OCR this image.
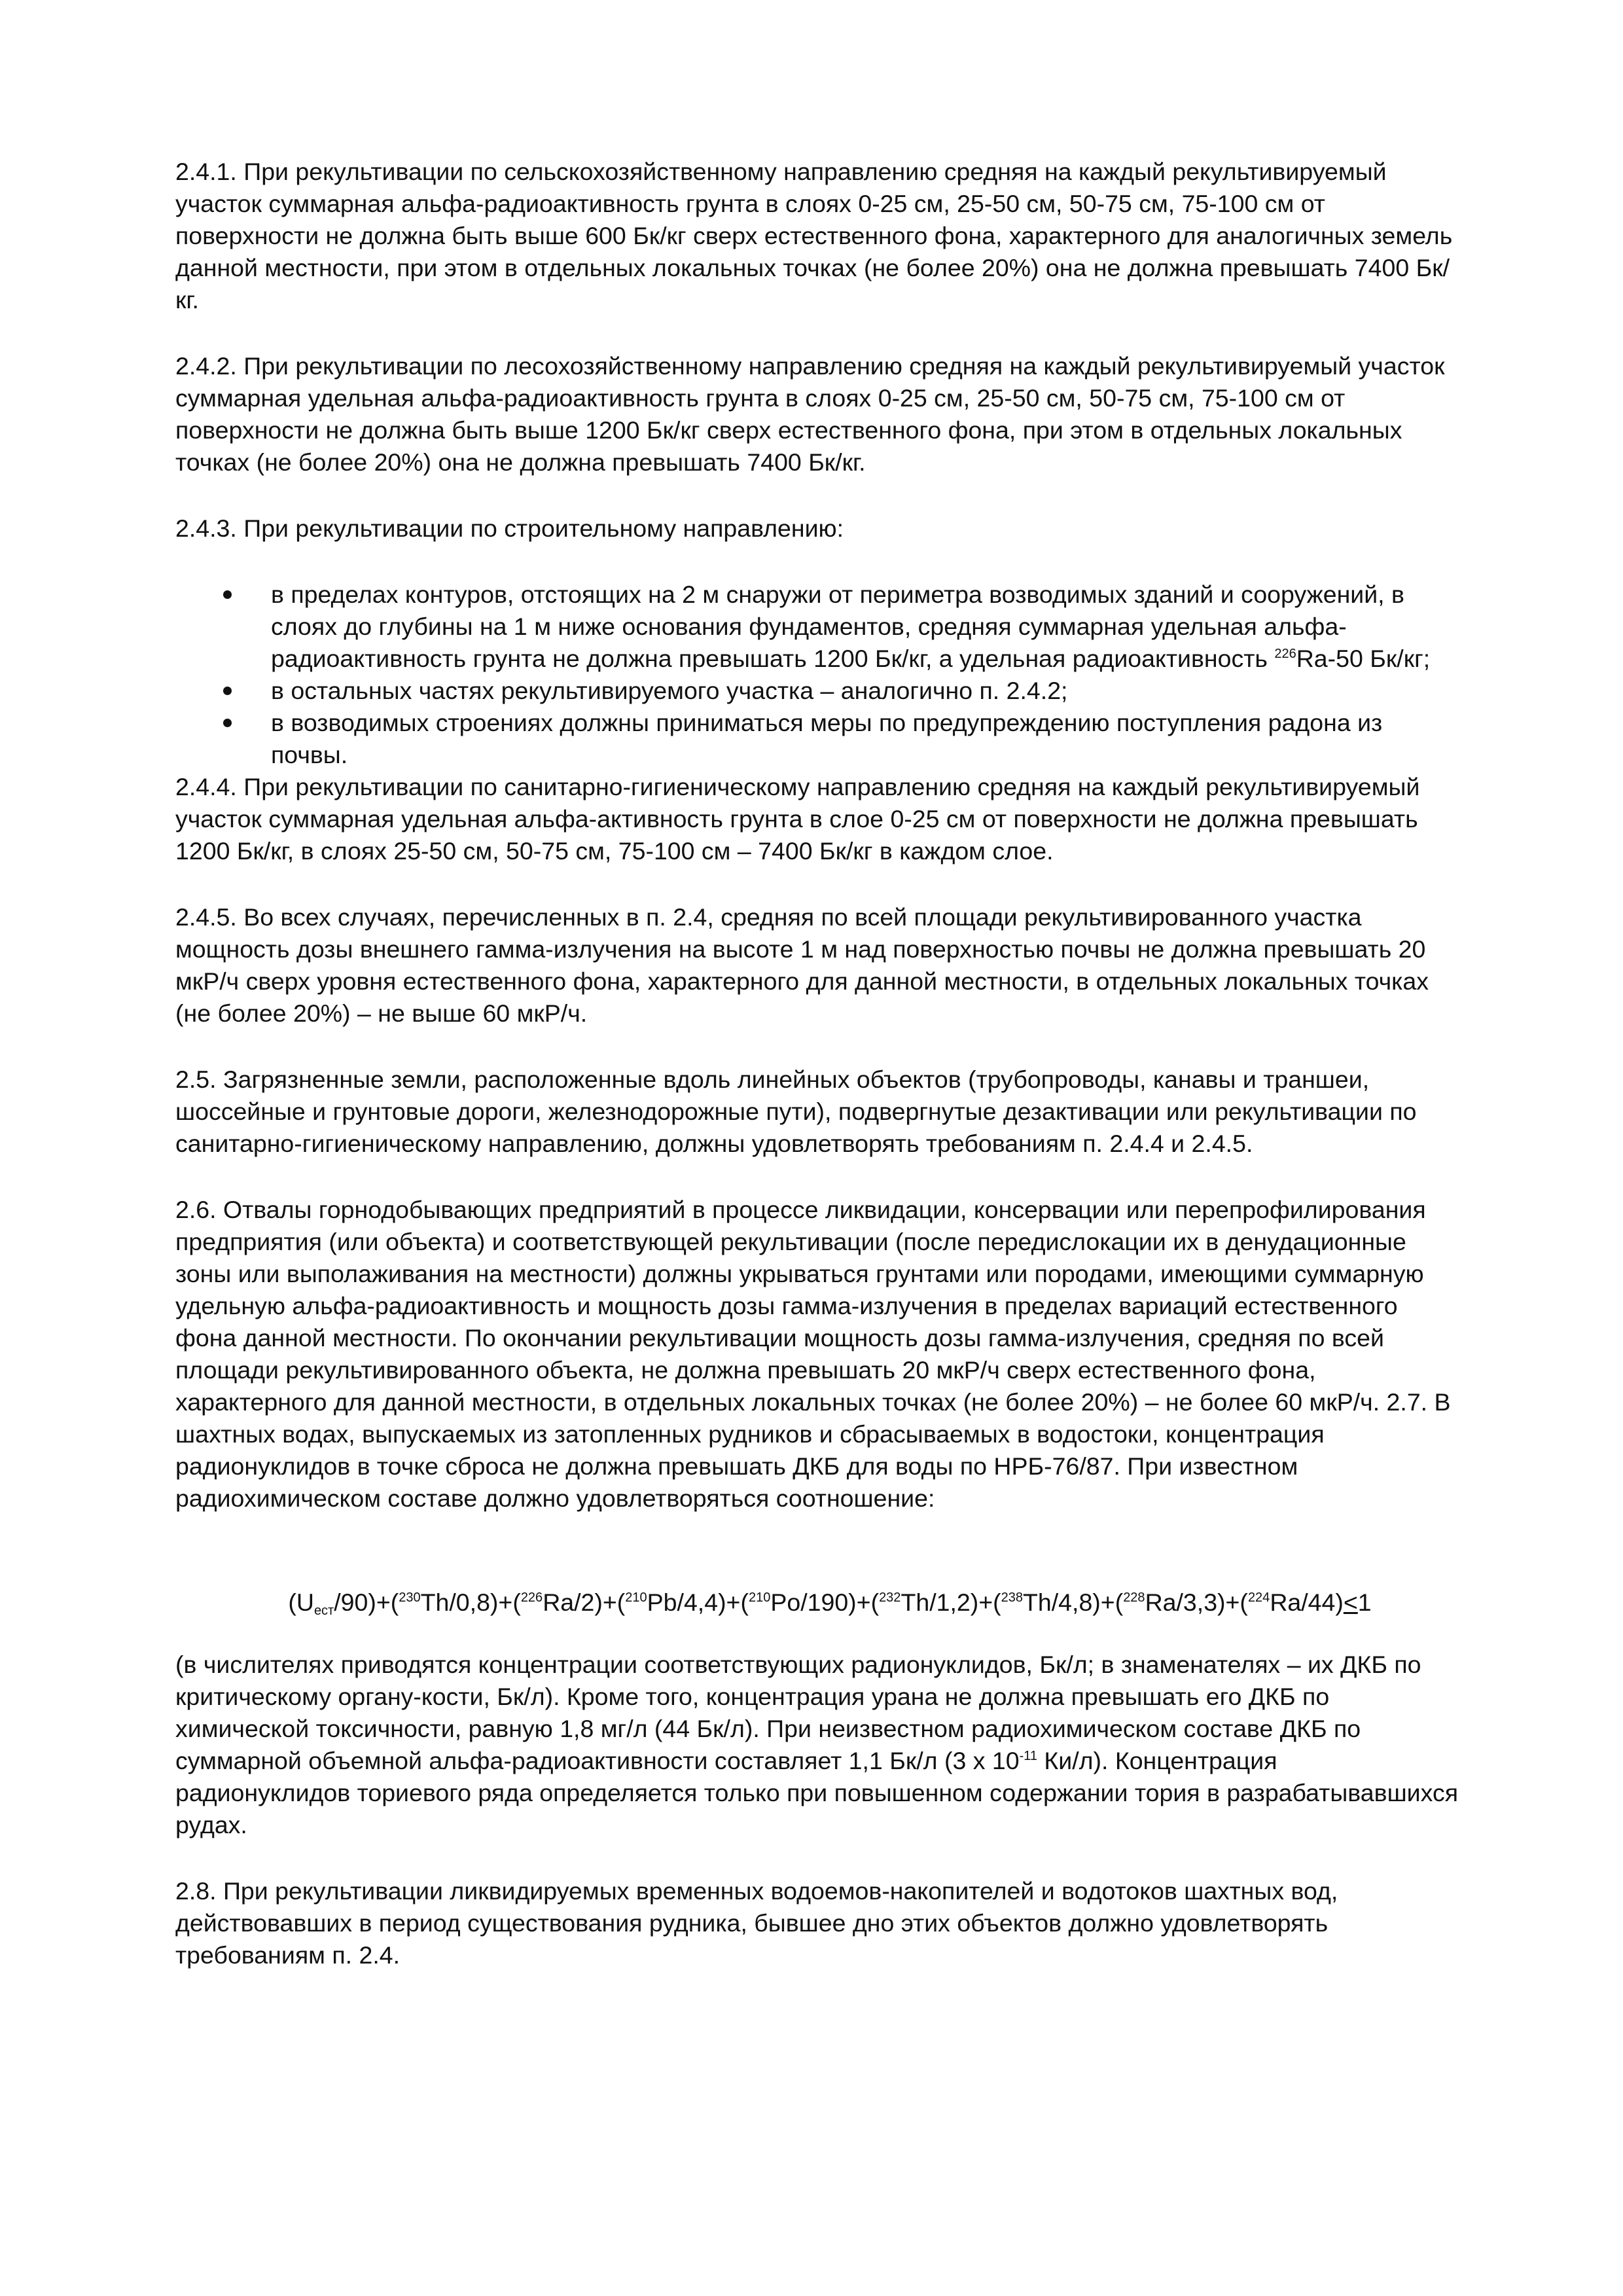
2.4.1. При рекультивации по сельскохозяйственному направлению средняя на каждый рекультивируемый участок суммарная альфа-радиоактивность грунта в слоях 0-25 см, 25-50 см, 50-75 см, 75-100 см от поверхности не должна быть выше 600 Бк/кг сверх естественного фона, характерного для аналогичных земель данной местности, при этом в отдельных локальных точках (не более 20%) она не должна превышать 7400 Бк/кг.

2.4.2. При рекультивации по лесохозяйственному направлению средняя на каждый рекультивируемый участок суммарная удельная альфа-радиоактивность грунта в слоях 0-25 см, 25-50 см, 50-75 см, 75-100 см от поверхности не должна быть выше 1200 Бк/кг сверх естественного фона, при этом в отдельных локальных точках (не более 20%) она не должна превышать 7400 Бк/кг.

2.4.3. При рекультивации по строительному направлению:

в пределах контуров, отстоящих на 2 м снаружи от периметра возводимых зданий и сооружений, в слоях до глубины на 1 м ниже основания фундаментов, средняя суммарная удельная альфа-радиоактивность грунта не должна превышать 1200 Бк/кг, а удельная радиоактивность $^{226}$Ra-50 Бк/кг;
в остальных частях рекультивируемого участка – аналогично п. 2.4.2;
в возводимых строениях должны приниматься меры по предупреждению поступления радона из почвы.

2.4.4. При рекультивации по санитарно-гигиеническому направлению средняя на каждый рекультивируемый участок суммарная удельная альфа-активность грунта в слое 0-25 см от поверхности не должна превышать 1200 Бк/кг, в слоях 25-50 см, 50-75 см, 75-100 см – 7400 Бк/кг в каждом слое.

2.4.5. Во всех случаях, перечисленных в п. 2.4, средняя по всей площади рекультивированного участка мощность дозы внешнего гамма-излучения на высоте 1 м над поверхностью почвы не должна превышать 20 мкР/ч сверх уровня естественного фона, характерного для данной местности, в отдельных локальных точках (не более 20%) – не выше 60 мкР/ч.

2.5. Загрязненные земли, расположенные вдоль линейных объектов (трубопроводы, канавы и траншеи, шоссейные и грунтовые дороги, железнодорожные пути), подвергнутые дезактивации или рекультивации по санитарно-гигиеническому направлению, должны удовлетворять требованиям п. 2.4.4 и 2.4.5.

2.6. Отвалы горнодобывающих предприятий в процессе ликвидации, консервации или перепрофилирования предприятия (или объекта) и соответствующей рекультивации (после передислокации их в денудационные зоны или выполаживания на местности) должны укрываться грунтами или породами, имеющими суммарную удельную альфа-радиоактивность и мощность дозы гамма-излучения в пределах вариаций естественного фона данной местности. По окончании рекультивации мощность дозы гамма-излучения, средняя по всей площади рекультивированного объекта, не должна превышать 20 мкР/ч сверх естественного фона, характерного для данной местности, в отдельных локальных точках (не более 20%) – не более 60 мкР/ч. 2.7. В шахтных водах, выпускаемых из затопленных рудников и сбрасываемых в водостоки, концентрация радионуклидов в точке сброса не должна превышать ДКБ для воды по НРБ-76/87. При известном радиохимическом составе должно удовлетворяться соотношение:

$(U_{ест}/90)+(^{230}Th/0,8)+(^{226}Ra/2)+(^{210}Pb/4,4)+(^{210}Po/190)+(^{232}Th/1,2)+(^{238}Th/4,8)+(^{228}Ra/3,3)+(^{224}Ra/44)\le 1$

(в числителях приводятся концентрации соответствующих радионуклидов, Бк/л; в знаменателях – их ДКБ по критическому органу-кости, Бк/л). Кроме того, концентрация урана не должна превышать его ДКБ по химической токсичности, равную 1,8 мг/л (44 Бк/л). При неизвестном радиохимическом составе ДКБ по суммарной объемной альфа-радиоактивности составляет 1,1 Бк/л (3 х $10^{-11}$ Ки/л). Концентрация радионуклидов ториевого ряда определяется только при повышенном содержании тория в разрабатывавшихся рудах.

2.8. При рекультивации ликвидируемых временных водоемов-накопителей и водотоков шахтных вод, действовавших в период существования рудника, бывшее дно этих объектов должно удовлетворять требованиям п. 2.4.
